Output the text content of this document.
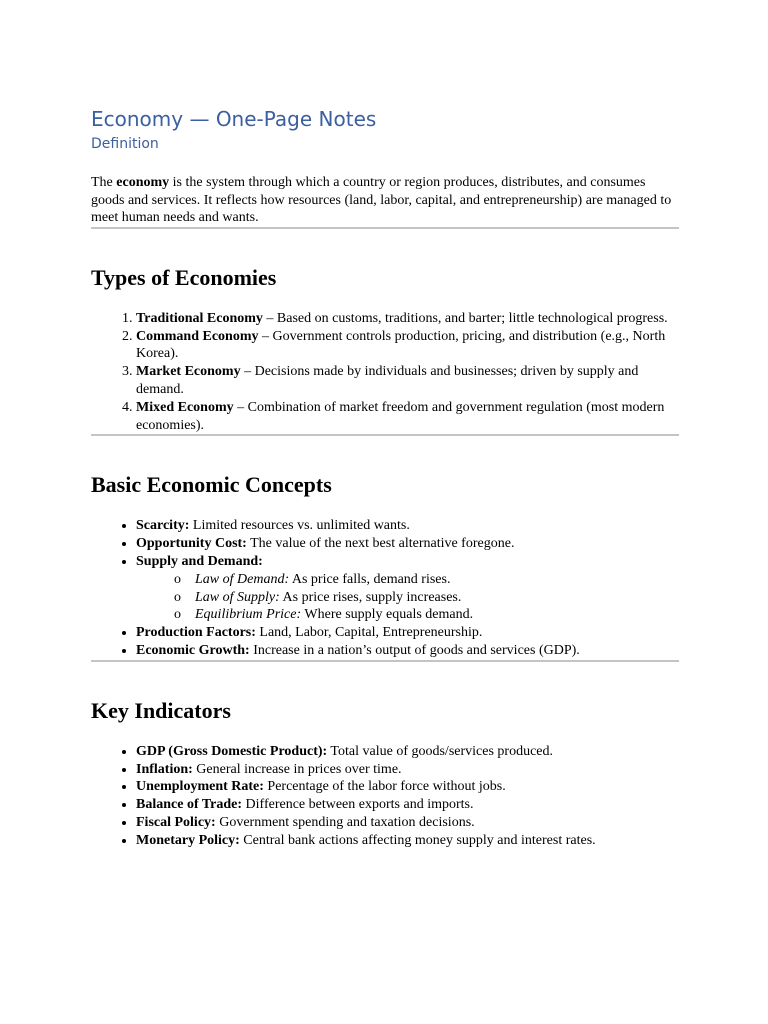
Economy — One-Page Notes
Definition

The economy is the system through which a country or region produces, distributes, and consumes goods and services. It reflects how resources (land, labor, capital, and entrepreneurship) are managed to meet human needs and wants.

Types of Economies
1. Traditional Economy – Based on customs, traditions, and barter; little technological progress.
2. Command Economy – Government controls production, pricing, and distribution (e.g., North Korea).
3. Market Economy – Decisions made by individuals and businesses; driven by supply and demand.
4. Mixed Economy – Combination of market freedom and government regulation (most modern economies).
Basic Economic Concepts
• Scarcity: Limited resources vs. unlimited wants.
• Opportunity Cost: The value of the next best alternative foregone.
• Supply and Demand:
o Law of Demand: As price falls, demand rises.
o Law of Supply: As price rises, supply increases.
o Equilibrium Price: Where supply equals demand.
• Production Factors: Land, Labor, Capital, Entrepreneurship.
• Economic Growth: Increase in a nation’s output of goods and services (GDP).
Key Indicators
• GDP (Gross Domestic Product): Total value of goods/services produced.
• Inflation: General increase in prices over time.
• Unemployment Rate: Percentage of the labor force without jobs.
• Balance of Trade: Difference between exports and imports.
• Fiscal Policy: Government spending and taxation decisions.
• Monetary Policy: Central bank actions affecting money supply and interest rates.
